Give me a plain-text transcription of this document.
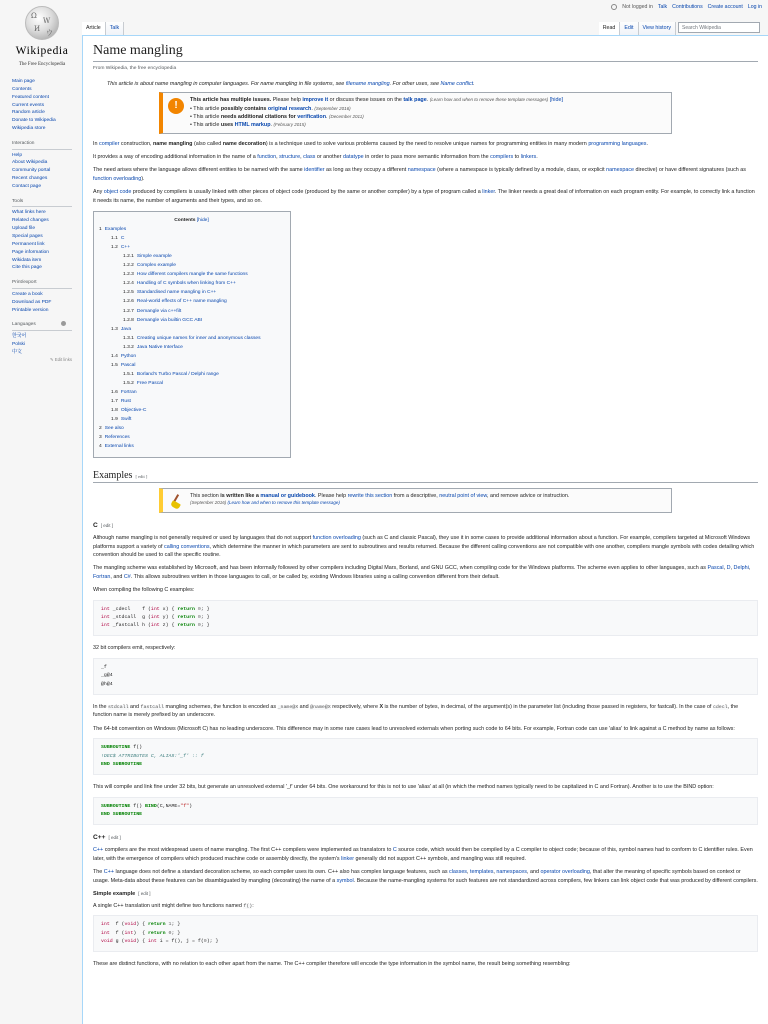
Not logged in Talk Contributions Create account Log in
Ω
W
И ウ
Wikipedia
The Free Encyclopedia
Article	Talk	Read	Edit	View history	Search Wikipedia
Main page
Contents
Featured content
Current events
Random article
Donate to Wikipedia
Wikipedia store
Interaction
Help
About Wikipedia
Community portal
Recent changes
Contact page
Tools
What links here
Related changes
Upload file
Special pages
Permanent link
Page information
Wikidata item
Cite this page
Print/export
Create a book
Download as PDF
Printable version
Languages
한국어
Polski
中文
✎ Edit links
Name mangling
From Wikipedia, the free encyclopedia
This article is about name mangling in computer languages. For name mangling in file systems, see filename mangling. For other uses, see Name conflict.
!	This article has multiple issues. Please help improve it or discuss these issues on the talk page. (Learn how and when to remove these template messages) [hide]
• This article possibly contains original research. (September 2016)
• This article needs additional citations for verification. (December 2011)
• This article uses HTML markup. (February 2015)

In compiler construction, name mangling (also called name decoration) is a technique used to solve various problems caused by the need to resolve unique names for programming entities in many modern programming languages.

It provides a way of encoding additional information in the name of a function, structure, class or another datatype in order to pass more semantic information from the compilers to linkers.

The need arises where the language allows different entities to be named with the same identifier as long as they occupy a different namespace (where a namespace is typically defined by a module, class, or explicit namespace directive) or have different signatures (such as function overloading).

Any object code produced by compilers is usually linked with other pieces of object code (produced by the same or another compiler) by a type of program called a linker. The linker needs a great deal of information on each program entity. For example, to correctly link a function it needs its name, the number of arguments and their types, and so on.

Contents [hide]
1 Examples
1.1 C
1.2 C++
1.2.1 Simple example
1.2.2 Complex example
1.2.3 How different compilers mangle the same functions
1.2.4 Handling of C symbols when linking from C++
1.2.5 Standardised name mangling in C++
1.2.6 Real-world effects of C++ name mangling
1.2.7 Demangle via c++filt
1.2.8 Demangle via builtin GCC ABI
1.3 Java
1.3.1 Creating unique names for inner and anonymous classes
1.3.2 Java Native Interface
1.4 Python
1.5 Pascal
1.5.1 Borland's Turbo Pascal / Delphi range
1.5.2 Free Pascal
1.6 Fortran
1.7 Rust
1.8 Objective-C
1.9 Swift
2 See also
3 References
4 External links
Examples [ edit ]
This section is written like a manual or guidebook. Please help rewrite this section from a descriptive, neutral point of view, and remove advice or instruction.
(September 2016) (Learn how and when to remove this template message)
C [ edit ]

Although name mangling is not generally required or used by languages that do not support function overloading (such as C and classic Pascal), they use it in some cases to provide additional information about a function. For example, compilers targeted at Microsoft Windows platforms support a variety of calling conventions, which determine the manner in which parameters are sent to subroutines and results returned. Because the different calling conventions are not compatible with one another, compilers mangle symbols with codes detailing which convention should be used to call the specific routine.

The mangling scheme was established by Microsoft, and has been informally followed by other compilers including Digital Mars, Borland, and GNU GCC, when compiling code for the Windows platforms. The scheme even applies to other languages, such as Pascal, D, Delphi, Fortran, and C#. This allows subroutines written in those languages to call, or be called by, existing Windows libraries using a calling convention different from their default.

When compiling the following C examples:

int _cdecl    f (int x) { return 0; }
int _stdcall  g (int y) { return 0; }
int _fastcall h (int z) { return 0; }

32 bit compilers emit, respectively:

_f
_g@4
@h@4

In the stdcall and fastcall mangling schemes, the function is encoded as _name@X and @name@X respectively, where X is the number of bytes, in decimal, of the argument(s) in the parameter list (including those passed in registers, for fastcall). In the case of cdecl, the function name is merely prefixed by an underscore.

The 64-bit convention on Windows (Microsoft C) has no leading underscore. This difference may in some rare cases lead to unresolved externals when porting such code to 64 bits. For example, Fortran code can use 'alias' to link against a C method by name as follows:

SUBROUTINE f()
!DEC$ ATTRIBUTES C, ALIAS:'_f' :: f
END SUBROUTINE

This will compile and link fine under 32 bits, but generate an unresolved external '_f' under 64 bits. One workaround for this is not to use 'alias' at all (in which the method names typically need to be capitalized in C and Fortran). Another is to use the BIND option:

SUBROUTINE f() BIND(C,NAME="f")
END SUBROUTINE
C++ [ edit ]

C++ compilers are the most widespread users of name mangling. The first C++ compilers were implemented as translators to C source code, which would then be compiled by a C compiler to object code; because of this, symbol names had to conform to C identifier rules. Even later, with the emergence of compilers which produced machine code or assembly directly, the system's linker generally did not support C++ symbols, and mangling was still required.

The C++ language does not define a standard decoration scheme, so each compiler uses its own. C++ also has complex language features, such as classes, templates, namespaces, and operator overloading, that alter the meaning of specific symbols based on context or usage. Meta-data about these features can be disambiguated by mangling (decorating) the name of a symbol. Because the name-mangling systems for such features are not standardized across compilers, few linkers can link object code that was produced by different compilers.

Simple example [ edit ]

A single C++ translation unit might define two functions named f():

int  f (void) { return 1; }
int  f (int)  { return 0; }
void g (void) { int i = f(), j = f(0); }

These are distinct functions, with no relation to each other apart from the name. The C++ compiler therefore will encode the type information in the symbol name, the result being something resembling:
